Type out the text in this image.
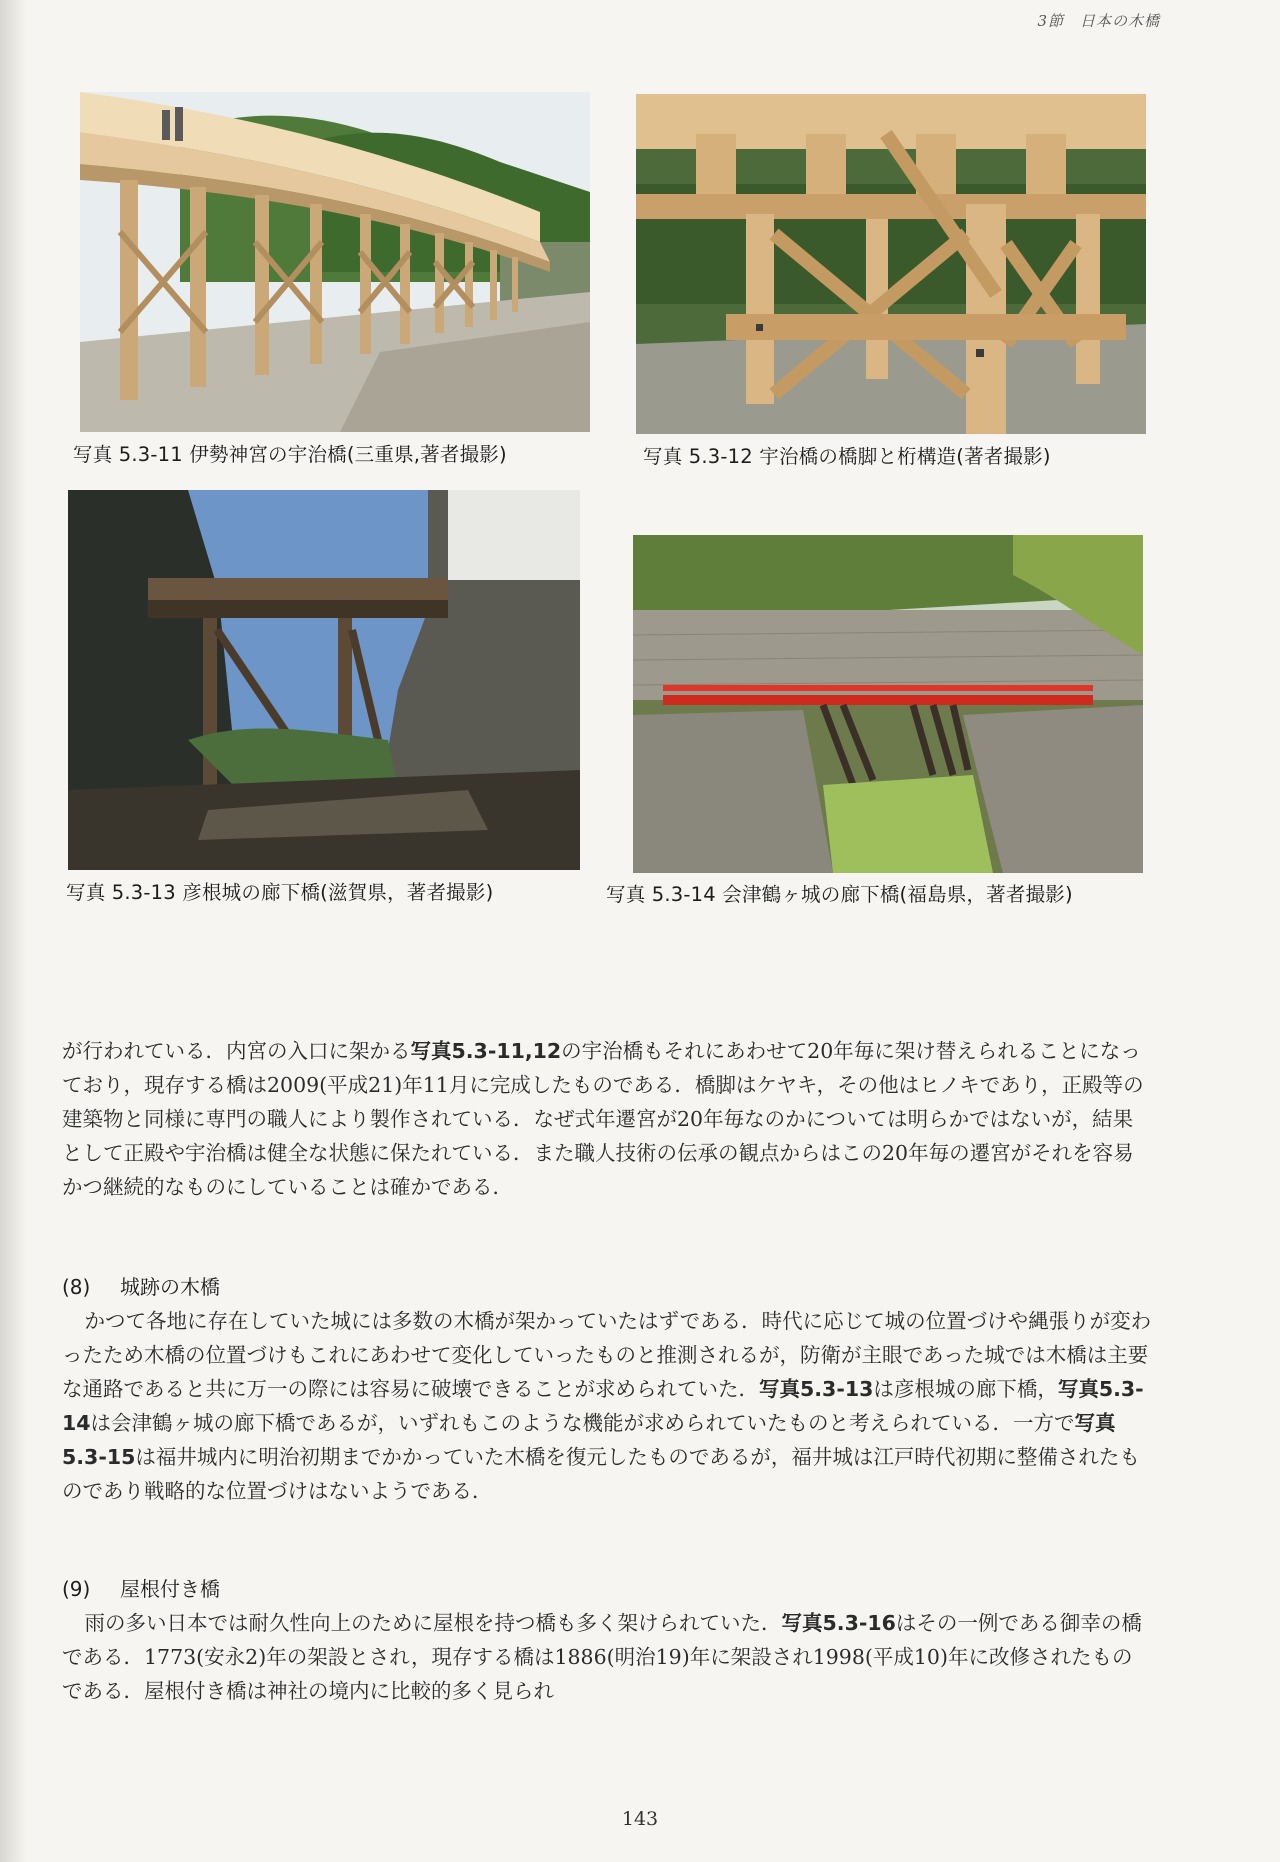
3節　日本の木橋
写真 5.3-11 伊勢神宮の宇治橋(三重県,著者撮影)	写真 5.3-12 宇治橋の橋脚と桁構造(著者撮影)
写真 5.3-13 彦根城の廊下橋(滋賀県，著者撮影)	写真 5.3-14 会津鶴ヶ城の廊下橋(福島県，著者撮影)

が行われている．内宮の入口に架かる写真5.3-11,12の宇治橋もそれにあわせて20年毎に架け替えられることになっており，現存する橋は2009(平成21)年11月に完成したものである．橋脚はケヤキ，その他はヒノキであり，正殿等の建築物と同様に専門の職人により製作されている．なぜ式年遷宮が20年毎なのかについては明らかではないが，結果として正殿や宇治橋は健全な状態に保たれている．また職人技術の伝承の観点からはこの20年毎の遷宮がそれを容易かつ継続的なものにしていることは確かである．

(8) 城跡の木橋

かつて各地に存在していた城には多数の木橋が架かっていたはずである．時代に応じて城の位置づけや縄張りが変わったため木橋の位置づけもこれにあわせて変化していったものと推測されるが，防衛が主眼であった城では木橋は主要な通路であると共に万一の際には容易に破壊できることが求められていた．写真5.3-13は彦根城の廊下橋，写真5.3-14は会津鶴ヶ城の廊下橋であるが，いずれもこのような機能が求められていたものと考えられている．一方で写真5.3-15は福井城内に明治初期までかかっていた木橋を復元したものであるが，福井城は江戸時代初期に整備されたものであり戦略的な位置づけはないようである．

(9) 屋根付き橋

雨の多い日本では耐久性向上のために屋根を持つ橋も多く架けられていた．写真5.3-16はその一例である御幸の橋である．1773(安永2)年の架設とされ，現存する橋は1886(明治19)年に架設され1998(平成10)年に改修されたものである．屋根付き橋は神社の境内に比較的多く見られ

143
